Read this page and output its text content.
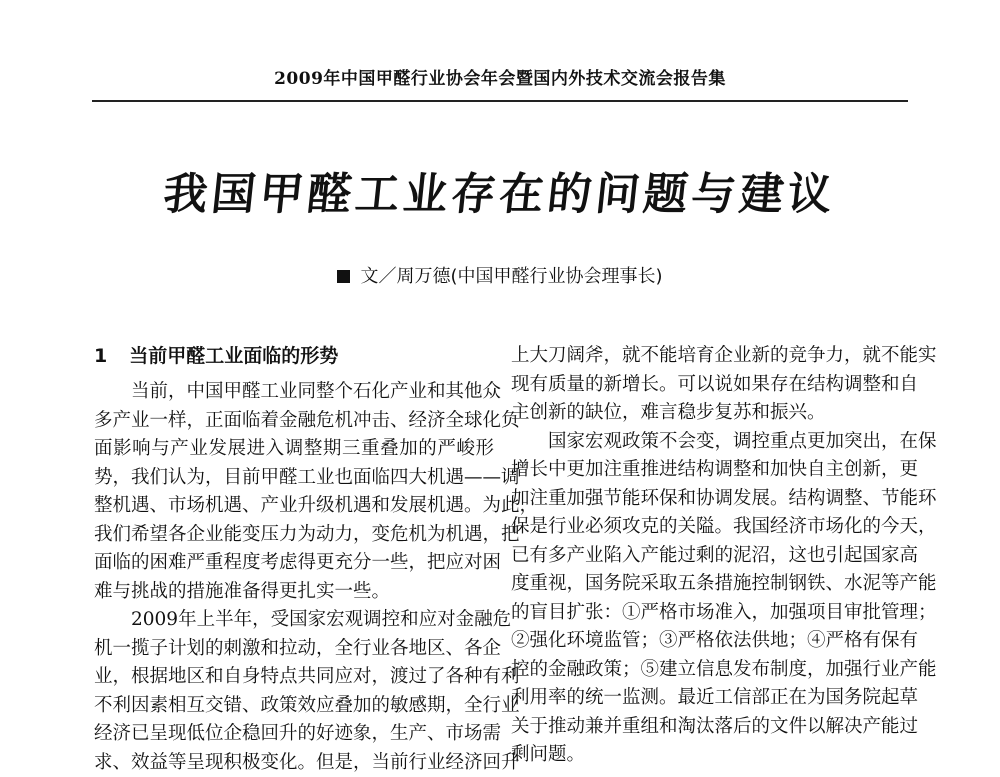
2009年中国甲醛行业协会年会暨国内外技术交流会报告集
我国甲醛工业存在的问题与建议
文／周万德(中国甲醛行业协会理事长)
1 当前甲醛工业面临的形势
　　当前，中国甲醛工业同整个石化产业和其他众
多产业一样，正面临着金融危机冲击、经济全球化负
面影响与产业发展进入调整期三重叠加的严峻形
势，我们认为，目前甲醛工业也面临四大机遇——调
整机遇、市场机遇、产业升级机遇和发展机遇。为此，
我们希望各企业能变压力为动力，变危机为机遇，把
面临的困难严重程度考虑得更充分一些，把应对困
难与挑战的措施准备得更扎实一些。
　　2009年上半年，受国家宏观调控和应对金融危
机一揽子计划的刺激和拉动，全行业各地区、各企
业，根据地区和自身特点共同应对，渡过了各种有利
不利因素相互交错、政策效应叠加的敏感期，全行业
经济已呈现低位企稳回升的好迹象，生产、市场需
求、效益等呈现积极变化。但是，当前行业经济回升
上大刀阔斧，就不能培育企业新的竞争力，就不能实
现有质量的新增长。可以说如果存在结构调整和自
主创新的缺位，难言稳步复苏和振兴。
　　国家宏观政策不会变，调控重点更加突出，在保
增长中更加注重推进结构调整和加快自主创新，更
加注重加强节能环保和协调发展。结构调整、节能环
保是行业必须攻克的关隘。我国经济市场化的今天，
已有多产业陷入产能过剩的泥沼，这也引起国家高
度重视，国务院采取五条措施控制钢铁、水泥等产能
的盲目扩张：①严格市场准入，加强项目审批管理；
②强化环境监管；③严格依法供地；④严格有保有
控的金融政策；⑤建立信息发布制度，加强行业产能
利用率的统一监测。最近工信部正在为国务院起草
关于推动兼并重组和淘汰落后的文件以解决产能过
剩问题。
